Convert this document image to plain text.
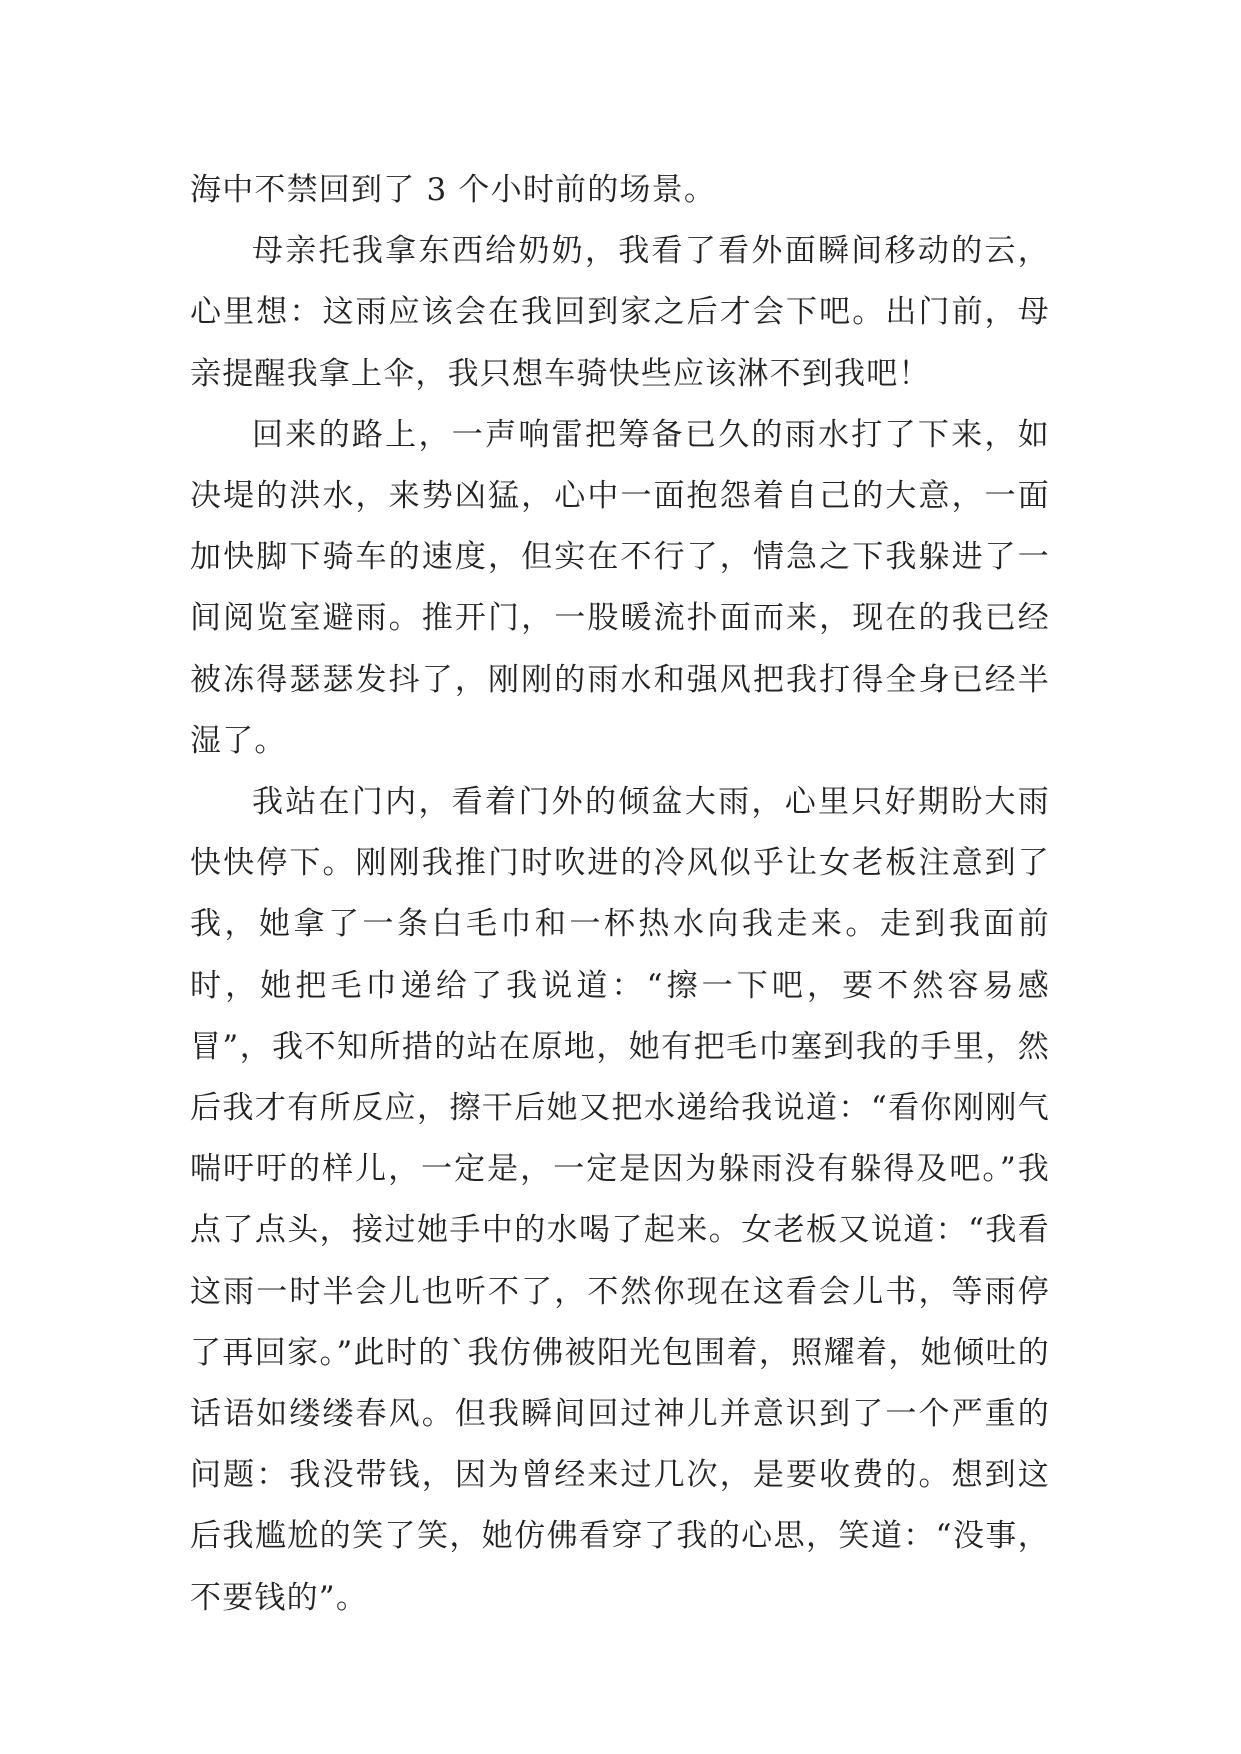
海中不禁回到了 3 个小时前的场景。

母亲托我拿东西给奶奶，我看了看外面瞬间移动的云，心里想：这雨应该会在我回到家之后才会下吧。出门前，母亲提醒我拿上伞，我只想车骑快些应该淋不到我吧！

回来的路上，一声响雷把筹备已久的雨水打了下来，如决堤的洪水，来势凶猛，心中一面抱怨着自己的大意，一面加快脚下骑车的速度，但实在不行了，情急之下我躲进了一间阅览室避雨。推开门，一股暖流扑面而来，现在的我已经被冻得瑟瑟发抖了，刚刚的雨水和强风把我打得全身已经半湿了。

我站在门内，看着门外的倾盆大雨，心里只好期盼大雨快快停下。刚刚我推门时吹进的冷风似乎让女老板注意到了我，她拿了一条白毛巾和一杯热水向我走来。走到我面前时，她把毛巾递给了我说道：“擦一下吧，要不然容易感冒”，我不知所措的站在原地，她有把毛巾塞到我的手里，然后我才有所反应，擦干后她又把水递给我说道：“看你刚刚气喘吁吁的样儿，一定是，一定是因为躲雨没有躲得及吧。”我点了点头，接过她手中的水喝了起来。女老板又说道：“我看这雨一时半会儿也听不了，不然你现在这看会儿书，等雨停了再回家。”此时的`我仿佛被阳光包围着，照耀着，她倾吐的话语如缕缕春风。但我瞬间回过神儿并意识到了一个严重的问题：我没带钱，因为曾经来过几次，是要收费的。想到这后我尴尬的笑了笑，她仿佛看穿了我的心思，笑道：“没事，不要钱的”。
